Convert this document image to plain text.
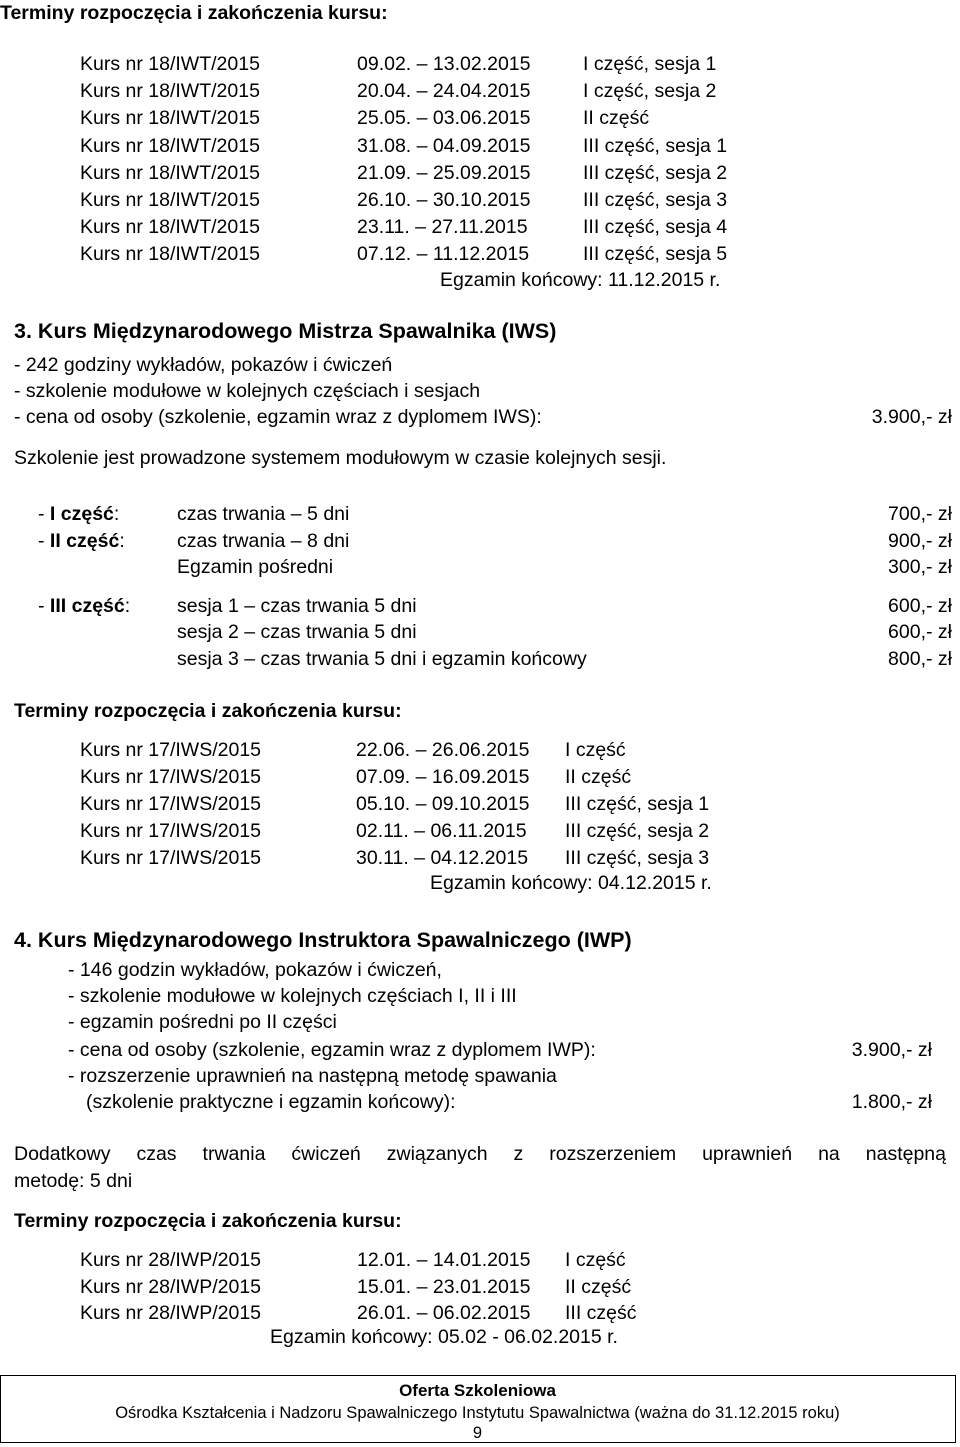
Terminy rozpoczęcia i zakończenia kursu:
Kurs nr 18/IWT/2015	09.02. – 13.02.2015	I część, sesja 1
Kurs nr 18/IWT/2015	20.04. – 24.04.2015	I część, sesja 2
Kurs nr 18/IWT/2015	25.05. – 03.06.2015	II część
Kurs nr 18/IWT/2015	31.08. – 04.09.2015	III część, sesja 1
Kurs nr 18/IWT/2015	21.09. – 25.09.2015	III część, sesja 2
Kurs nr 18/IWT/2015	26.10. – 30.10.2015	III część, sesja 3
Kurs nr 18/IWT/2015	23.11. – 27.11.2015	III część, sesja 4
Kurs nr 18/IWT/2015	07.12. – 11.12.2015	III część, sesja 5
Egzamin końcowy: 11.12.2015 r.
3. Kurs Międzynarodowego Mistrza Spawalnika (IWS)
- 242 godziny wykładów, pokazów i ćwiczeń
- szkolenie modułowe w kolejnych częściach i sesjach
- cena od osoby (szkolenie, egzamin wraz z dyplomem IWS):	3.900,- zł
Szkolenie jest prowadzone systemem modułowym w czasie kolejnych sesji.
- I część:	czas trwania – 5 dni	700,- zł
- II część:	czas trwania – 8 dni	900,- zł
Egzamin pośredni	300,- zł
- III część: sesja 1 – czas trwania 5 dni	600,- zł
sesja 2 – czas trwania 5 dni	600,- zł
sesja 3 – czas trwania 5 dni i egzamin końcowy	800,- zł
Terminy rozpoczęcia i zakończenia kursu:
Kurs nr 17/IWS/2015	22.06. – 26.06.2015 I część
Kurs nr 17/IWS/2015	07.09. – 16.09.2015 II część
Kurs nr 17/IWS/2015	05.10. – 09.10.2015 III część, sesja 1
Kurs nr 17/IWS/2015	02.11. – 06.11.2015 III część, sesja 2
Kurs nr 17/IWS/2015	30.11. – 04.12.2015 III część, sesja 3
Egzamin końcowy: 04.12.2015 r.
4. Kurs Międzynarodowego Instruktora Spawalniczego (IWP)
- 146 godzin wykładów, pokazów i ćwiczeń,
- szkolenie modułowe w kolejnych częściach I, II i III
- egzamin pośredni po II części
- cena od osoby (szkolenie, egzamin wraz z dyplomem IWP):	3.900,- zł
- rozszerzenie uprawnień na następną metodę spawania
(szkolenie praktyczne i egzamin końcowy):	1.800,- zł
Dodatkowy czas trwania ćwiczeń związanych z rozszerzeniem uprawnień na następną
metodę: 5 dni
Terminy rozpoczęcia i zakończenia kursu:
Kurs nr 28/IWP/2015	12.01. – 14.01.2015 I część
Kurs nr 28/IWP/2015	15.01. – 23.01.2015 II część
Kurs nr 28/IWP/2015	26.01. – 06.02.2015 III część
Egzamin końcowy: 05.02 - 06.02.2015 r.
Oferta Szkoleniowa
Ośrodka Kształcenia i Nadzoru Spawalniczego Instytutu Spawalnictwa (ważna do 31.12.2015 roku)
9
